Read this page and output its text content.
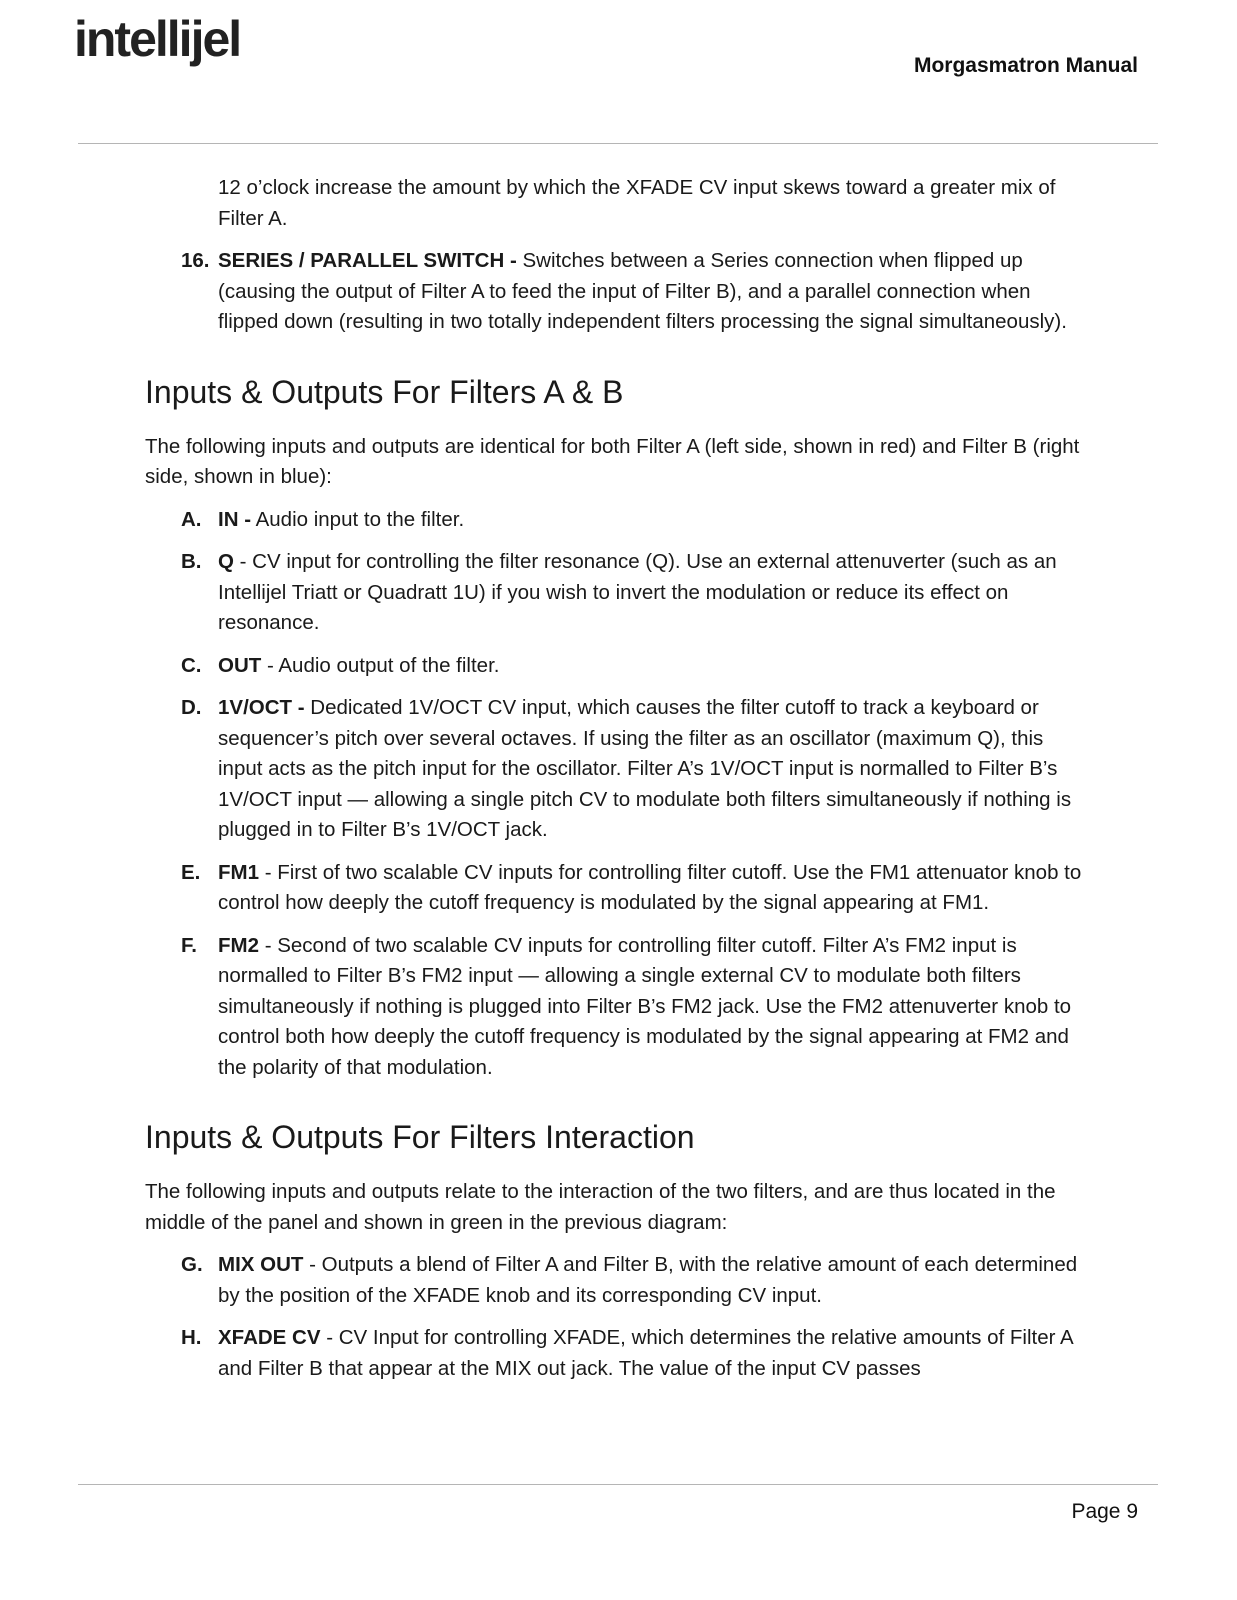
intellijel	Morgasmatron Manual
12 o’clock increase the amount by which the XFADE CV input skews toward a greater mix of Filter A.
16. SERIES / PARALLEL SWITCH - Switches between a Series connection when flipped up (causing the output of Filter A to feed the input of Filter B), and a parallel connection when flipped down (resulting in two totally independent filters processing the signal simultaneously).
Inputs & Outputs For Filters A & B

The following inputs and outputs are identical for both Filter A (left side, shown in red) and Filter B (right side, shown in blue):

A. IN - Audio input to the filter.
B. Q - CV input for controlling the filter resonance (Q). Use an external attenuverter (such as an Intellijel Triatt or Quadratt 1U) if you wish to invert the modulation or reduce its effect on resonance.
C. OUT - Audio output of the filter.
D. 1V/OCT - Dedicated 1V/OCT CV input, which causes the filter cutoff to track a keyboard or sequencer’s pitch over several octaves. If using the filter as an oscillator (maximum Q), this input acts as the pitch input for the oscillator. Filter A’s 1V/OCT input is normalled to Filter B’s 1V/OCT input — allowing a single pitch CV to modulate both filters simultaneously if nothing is plugged in to Filter B’s 1V/OCT jack.
E. FM1 - First of two scalable CV inputs for controlling filter cutoff. Use the FM1 attenuator knob to control how deeply the cutoff frequency is modulated by the signal appearing at FM1.
F. FM2 - Second of two scalable CV inputs for controlling filter cutoff. Filter A’s FM2 input is normalled to Filter B’s FM2 input — allowing a single external CV to modulate both filters simultaneously if nothing is plugged into Filter B’s FM2 jack. Use the FM2 attenuverter knob to control both how deeply the cutoff frequency is modulated by the signal appearing at FM2 and the polarity of that modulation.
Inputs & Outputs For Filters Interaction

The following inputs and outputs relate to the interaction of the two filters, and are thus located in the middle of the panel and shown in green in the previous diagram:

G. MIX OUT - Outputs a blend of Filter A and Filter B, with the relative amount of each determined by the position of the XFADE knob and its corresponding CV input.
H. XFADE CV - CV Input for controlling XFADE, which determines the relative amounts of Filter A and Filter B that appear at the MIX out jack. The value of the input CV passes
Page 9
